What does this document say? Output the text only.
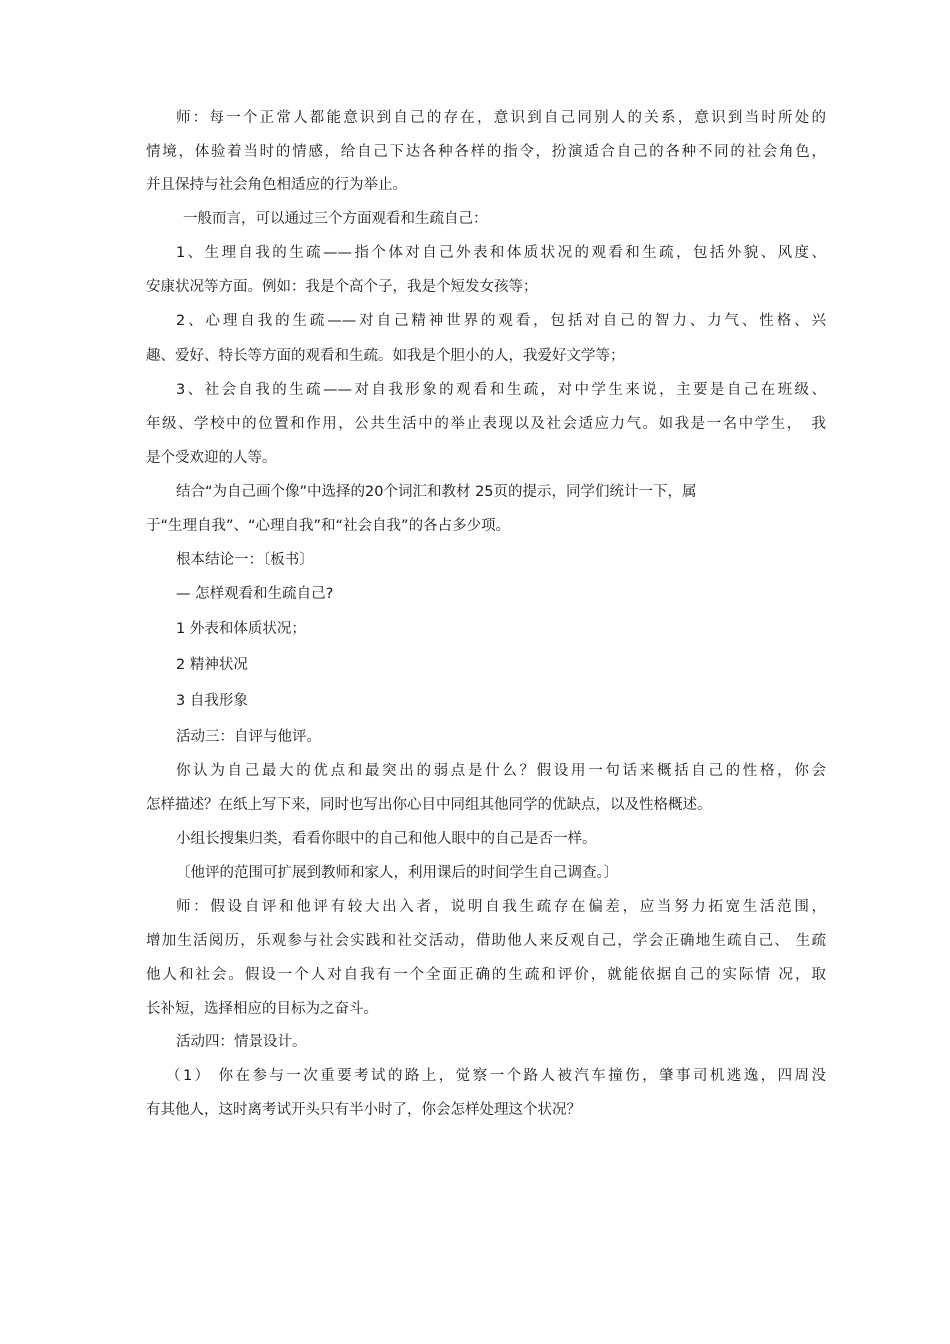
师：每一个正常人都能意识到自己的存在，意识到自己同别人的关系，意识到当时所处的
情境，体验着当时的情感，给自己下达各种各样的指令，扮演适合自己的各种不同的社会角色，
并且保持与社会角色相适应的行为举止。
一般而言，可以通过三个方面观看和生疏自己：
1、生理自我的生疏——指个体对自己外表和体质状况的观看和生疏，包括外貌、风度、
安康状况等方面。例如：我是个高个子，我是个短发女孩等；
2、心理自我的生疏——对自己精神世界的观看，包括对自己的智力、力气、性格、兴
趣、爱好、特长等方面的观看和生疏。如我是个胆小的人，我爱好文学等；
3、社会自我的生疏——对自我形象的观看和生疏，对中学生来说，主要是自己在班级、
年级、学校中的位置和作用，公共生活中的举止表现以及社会适应力气。如我是一名中学生，　我
是个受欢迎的人等。
结合“为自己画个像”中选择的20个词汇和教材 25页的提示，同学们统计一下，属
于“生理自我”、“心理自我”和“社会自我”的各占多少项。
根本结论一：〔板书〕
— 怎样观看和生疏自己?
1 外表和体质状况；
2 精神状况
3 自我形象
活动三：自评与他评。
你认为自己最大的优点和最突出的弱点是什么？假设用一句话来概括自己的性格，你会
怎样描述？在纸上写下来，同时也写出你心目中同组其他同学的优缺点，以及性格概述。
小组长搜集归类，看看你眼中的自己和他人眼中的自己是否一样。
〔他评的范围可扩展到教师和家人，利用课后的时间学生自己调查。〕
师：假设自评和他评有较大出入者，说明自我生疏存在偏差，应当努力拓宽生活范围，
增加生活阅历，乐观参与社会实践和社交活动，借助他人来反观自己，学会正确地生疏自己、 生疏
他人和社会。假设一个人对自我有一个全面正确的生疏和评价，就能依据自己的实际情 况，取
长补短，选择相应的目标为之奋斗。
活动四：情景设计。
（1） 你在参与一次重要考试的路上，觉察一个路人被汽车撞伤，肇事司机逃逸，四周没
有其他人，这时离考试开头只有半小时了，你会怎样处理这个状况？
